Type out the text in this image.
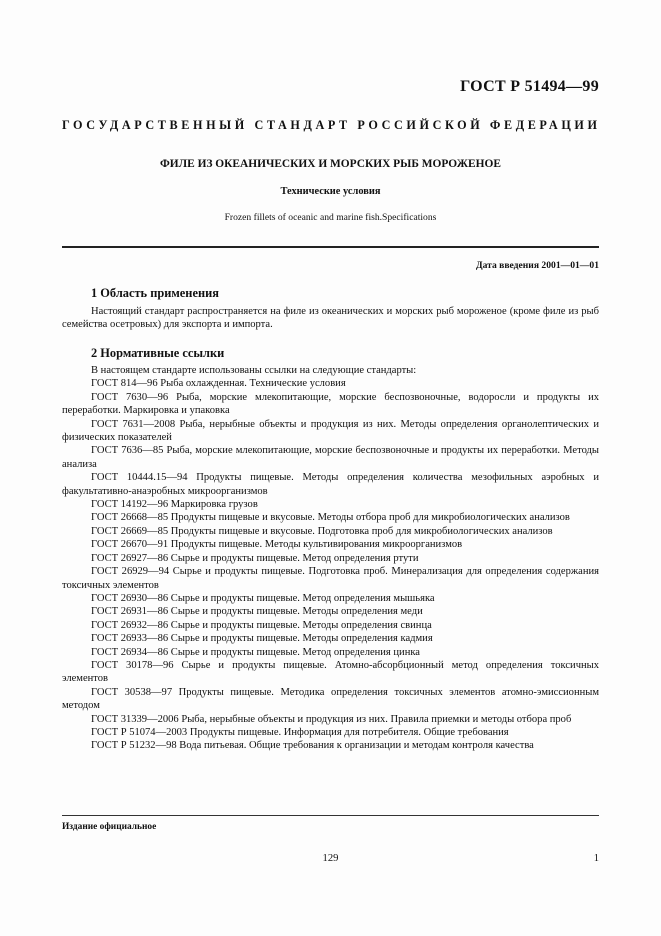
ГОСТ Р 51494—99
ГОСУДАРСТВЕННЫЙ СТАНДАРТ РОССИЙСКОЙ ФЕДЕРАЦИИ
ФИЛЕ ИЗ ОКЕАНИЧЕСКИХ И МОРСКИХ РЫБ МОРОЖЕНОЕ
Технические условия
Frozen fillets of oceanic and marine fish.Specifications
Дата введения 2001—01—01
1 Область применения

Настоящий стандарт распространяется на филе из океанических и морских рыб мороженое (кроме филе из рыб семейства осетровых) для экспорта и импорта.

2 Нормативные ссылки

В настоящем стандарте использованы ссылки на следующие стандарты:

ГОСТ 814—96 Рыба охлажденная. Технические условия

ГОСТ 7630—96 Рыба, морские млекопитающие, морские беспозвоночные, водоросли и продукты их переработки. Маркировка и упаковка

ГОСТ 7631—2008 Рыба, нерыбные объекты и продукция из них. Методы определения органолептических и физических показателей

ГОСТ 7636—85 Рыба, морские млекопитающие, морские беспозвоночные и продукты их переработки. Методы анализа

ГОСТ 10444.15—94 Продукты пищевые. Методы определения количества мезофильных аэробных и факультативно-анаэробных микроорганизмов

ГОСТ 14192—96 Маркировка грузов

ГОСТ 26668—85 Продукты пищевые и вкусовые. Методы отбора проб для микробиологических анализов

ГОСТ 26669—85 Продукты пищевые и вкусовые. Подготовка проб для микробиологических анализов

ГОСТ 26670—91 Продукты пищевые. Методы культивирования микроорганизмов

ГОСТ 26927—86 Сырье и продукты пищевые. Метод определения ртути

ГОСТ 26929—94 Сырье и продукты пищевые. Подготовка проб. Минерализация для определения содержания токсичных элементов

ГОСТ 26930—86 Сырье и продукты пищевые. Метод определения мышьяка

ГОСТ 26931—86 Сырье и продукты пищевые. Методы определения меди

ГОСТ 26932—86 Сырье и продукты пищевые. Методы определения свинца

ГОСТ 26933—86 Сырье и продукты пищевые. Методы определения кадмия

ГОСТ 26934—86 Сырье и продукты пищевые. Метод определения цинка

ГОСТ 30178—96 Сырье и продукты пищевые. Атомно-абсорбционный метод определения токсичных элементов

ГОСТ 30538—97 Продукты пищевые. Методика определения токсичных элементов атомно-эмиссионным методом

ГОСТ 31339—2006 Рыба, нерыбные объекты и продукция из них. Правила приемки и методы отбора проб

ГОСТ Р 51074—2003 Продукты пищевые. Информация для потребителя. Общие требования

ГОСТ Р 51232—98 Вода питьевая. Общие требования к организации и методам контроля качества

Издание официальное
129	1
